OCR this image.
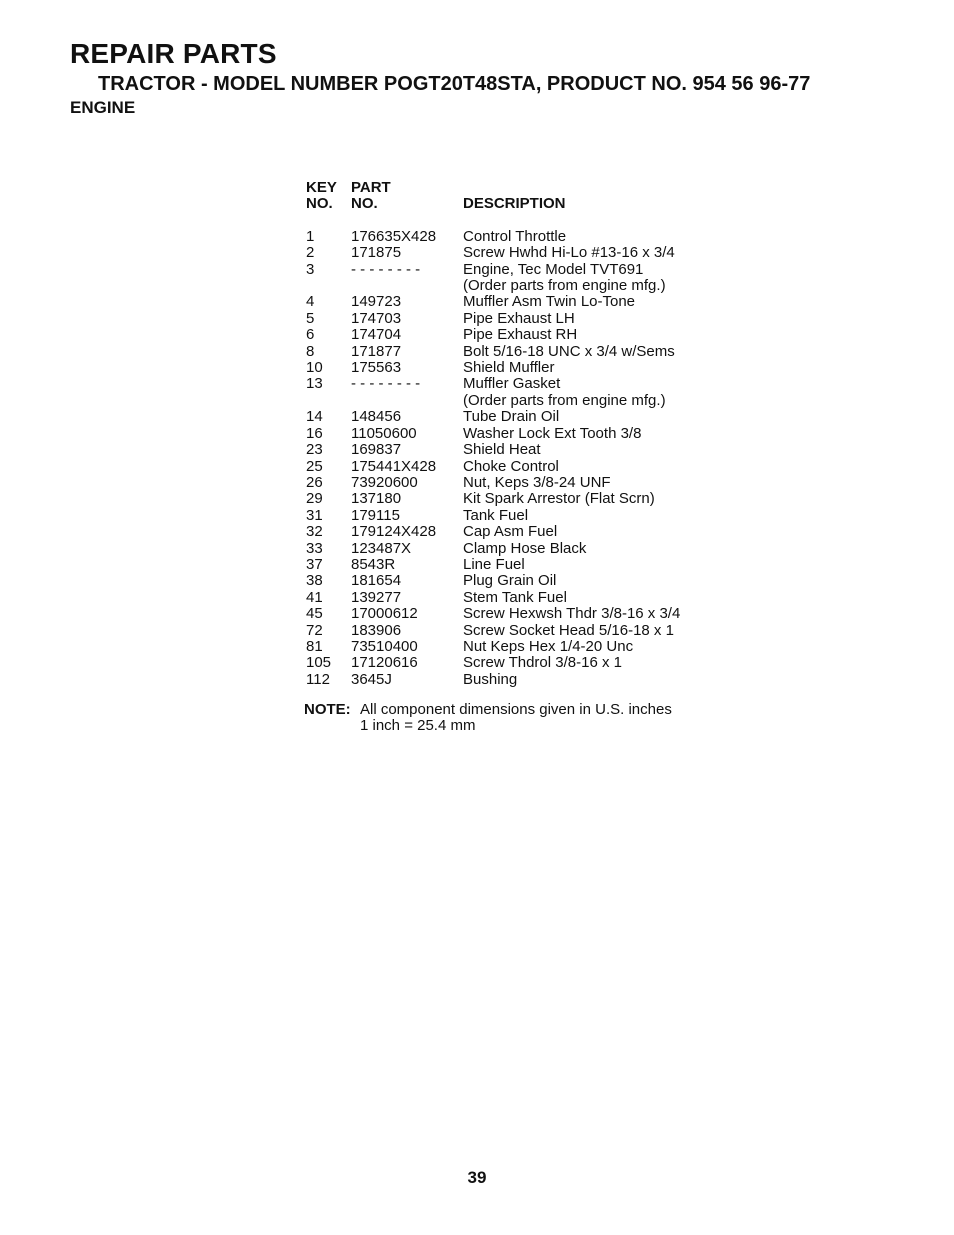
REPAIR PARTS
TRACTOR - MODEL NUMBER POGT20T48STA, PRODUCT NO. 954 56 96-77
ENGINE
KEY PART
NO.	NO.	DESCRIPTION
1	176635X428	Control Throttle
2	171875	Screw Hwhd Hi-Lo #13-16 x 3/4
3	- - - - - - - -	Engine, Tec Model TVT691
(Order parts from engine mfg.)
4	149723	Muffler Asm Twin Lo-Tone
5	174703	Pipe Exhaust LH
6	174704	Pipe Exhaust RH
8	171877	Bolt 5/16-18 UNC x 3/4 w/Sems
10	175563	Shield Muffler
13	- - - - - - - -	Muffler Gasket
(Order parts from engine mfg.)
14	148456	Tube Drain Oil
16	11050600	Washer Lock Ext Tooth 3/8
23	169837	Shield Heat
25	175441X428	Choke Control
26	73920600	Nut, Keps 3/8-24 UNF
29	137180	Kit Spark Arrestor (Flat Scrn)
31	179115	Tank Fuel
32	179124X428	Cap Asm Fuel
33	123487X	Clamp Hose Black
37	8543R	Line Fuel
38	181654	Plug Grain Oil
41	139277	Stem Tank Fuel
45	17000612	Screw Hexwsh Thdr 3/8-16 x 3/4
72	183906	Screw Socket Head 5/16-18 x 1
81	73510400	Nut Keps Hex 1/4-20 Unc
105	17120616	Screw Thdrol 3/8-16 x 1
112	3645J	Bushing
NOTE: All component dimensions given in U.S. inches
1 inch = 25.4 mm
39
